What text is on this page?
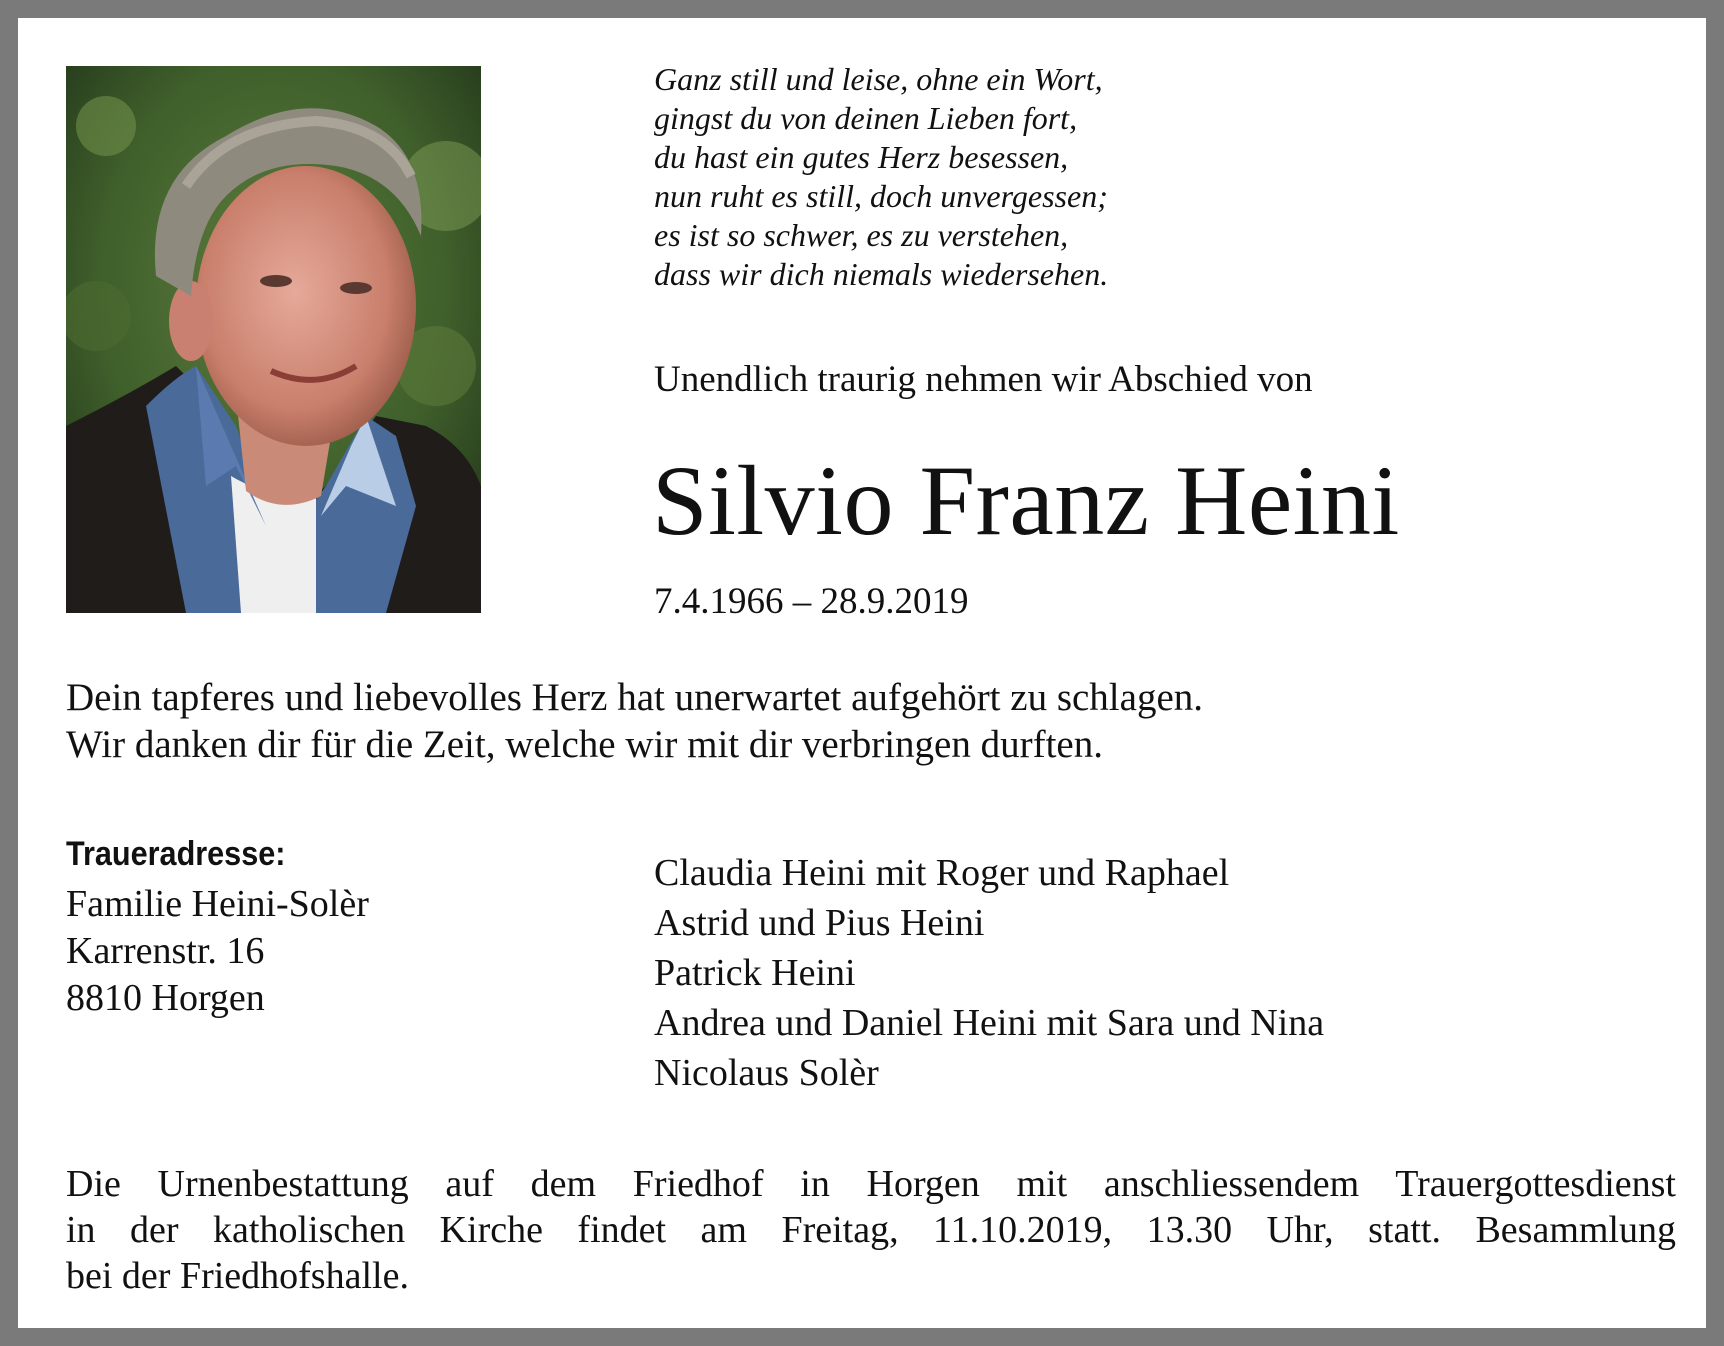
Ganz still und leise, ohne ein Wort,
gingst du von deinen Lieben fort,
du hast ein gutes Herz besessen,
nun ruht es still, doch unvergessen;
es ist so schwer, es zu verstehen,
dass wir dich niemals wiedersehen.
Unendlich traurig nehmen wir Abschied von
Silvio Franz Heini
7.4.1966 – 28.9.2019
Dein tapferes und liebevolles Herz hat unerwartet aufgehört zu schlagen.
Wir danken dir für die Zeit, welche wir mit dir verbringen durften.
Traueradresse:
Familie Heini-Solèr
Karrenstr. 16
8810 Horgen
Claudia Heini mit Roger und Raphael
Astrid und Pius Heini
Patrick Heini
Andrea und Daniel Heini mit Sara und Nina
Nicolaus Solèr
Die Urnenbestattung auf dem Friedhof in Horgen mit anschliessendem Trauergottesdienst
in der katholischen Kirche findet am Freitag, 11.10.2019, 13.30 Uhr, statt. Besammlung
bei der Friedhofshalle.
